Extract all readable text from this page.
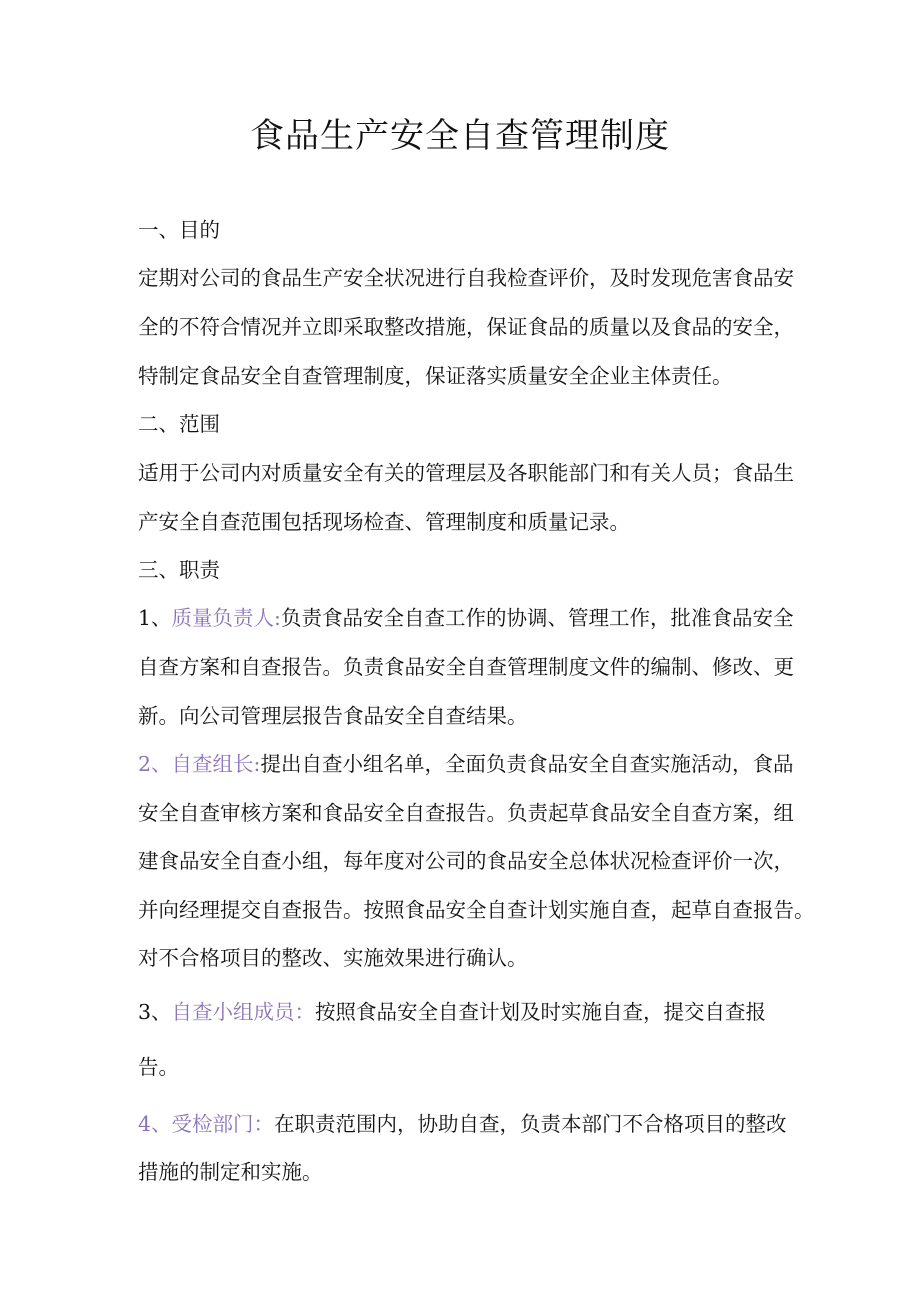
食品生产安全自查管理制度
一、目的
定期对公司的食品生产安全状况进行自我检查评价，及时发现危害食品安
全的不符合情况并立即采取整改措施，保证食品的质量以及食品的安全，
特制定食品安全自查管理制度，保证落实质量安全企业主体责任。
二、范围
适用于公司内对质量安全有关的管理层及各职能部门和有关人员；食品生
产安全自查范围包括现场检查、管理制度和质量记录。
三、职责
1、质量负责人:负责食品安全自查工作的协调、管理工作，批准食品安全
自查方案和自查报告。负责食品安全自查管理制度文件的编制、修改、更
新。向公司管理层报告食品安全自查结果。
2、自查组长:提出自查小组名单，全面负责食品安全自查实施活动，食品
安全自查审核方案和食品安全自查报告。负责起草食品安全自查方案，组
建食品安全自查小组，每年度对公司的食品安全总体状况检查评价一次，
并向经理提交自查报告。按照食品安全自查计划实施自查，起草自查报告。
对不合格项目的整改、实施效果进行确认。
3、自查小组成员：按照食品安全自查计划及时实施自查，提交自查报
告。
4、受检部门：在职责范围内，协助自查，负责本部门不合格项目的整改
措施的制定和实施。
